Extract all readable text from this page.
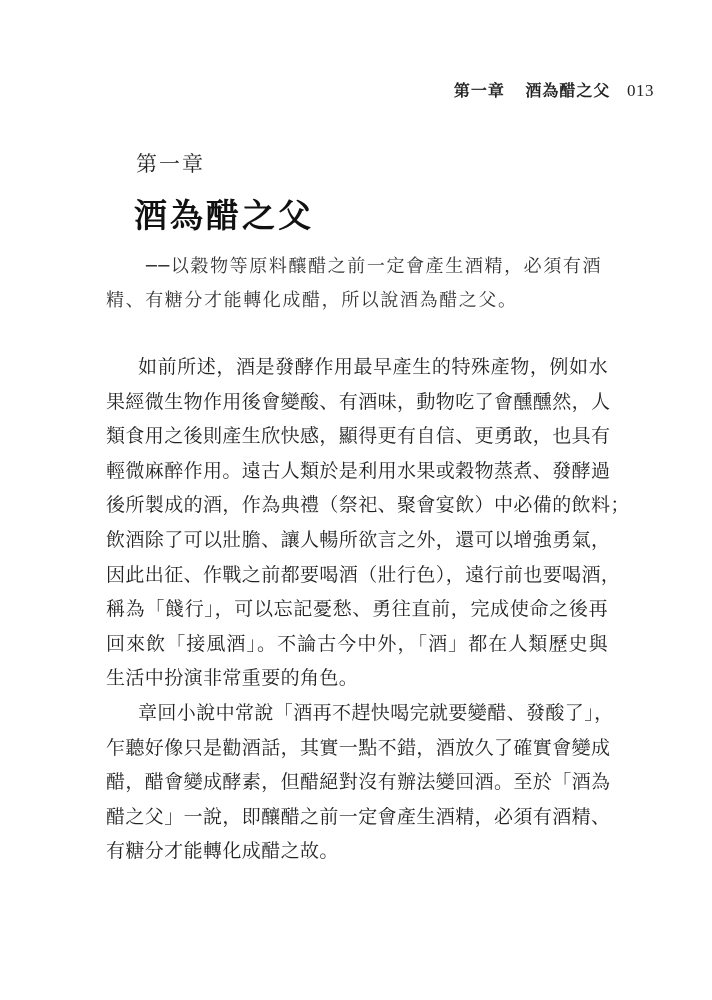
第一章 酒為醋之父 013
第一章
酒為醋之父

──以穀物等原料釀醋之前一定會產生酒精，必須有酒

精、有糖分才能轉化成醋，所以說酒為醋之父。

如前所述，酒是發酵作用最早產生的特殊產物，例如水
果經微生物作用後會變酸、有酒味，動物吃了會醺醺然，人
類食用之後則產生欣快感，顯得更有自信、更勇敢，也具有
輕微麻醉作用。遠古人類於是利用水果或穀物蒸煮、發酵過
後所製成的酒，作為典禮（祭祀、聚會宴飲）中必備的飲料；
飲酒除了可以壯膽、讓人暢所欲言之外，還可以增強勇氣，
因此出征、作戰之前都要喝酒（壯行色），遠行前也要喝酒，
稱為「餞行」，可以忘記憂愁、勇往直前，完成使命之後再
回來飲「接風酒」。不論古今中外，「酒」都在人類歷史與
生活中扮演非常重要的角色。
章回小說中常說「酒再不趕快喝完就要變醋、發酸了」，
乍聽好像只是勸酒話，其實一點不錯，酒放久了確實會變成
醋，醋會變成酵素，但醋絕對沒有辦法變回酒。至於「酒為
醋之父」一說，即釀醋之前一定會產生酒精，必須有酒精、
有糖分才能轉化成醋之故。
